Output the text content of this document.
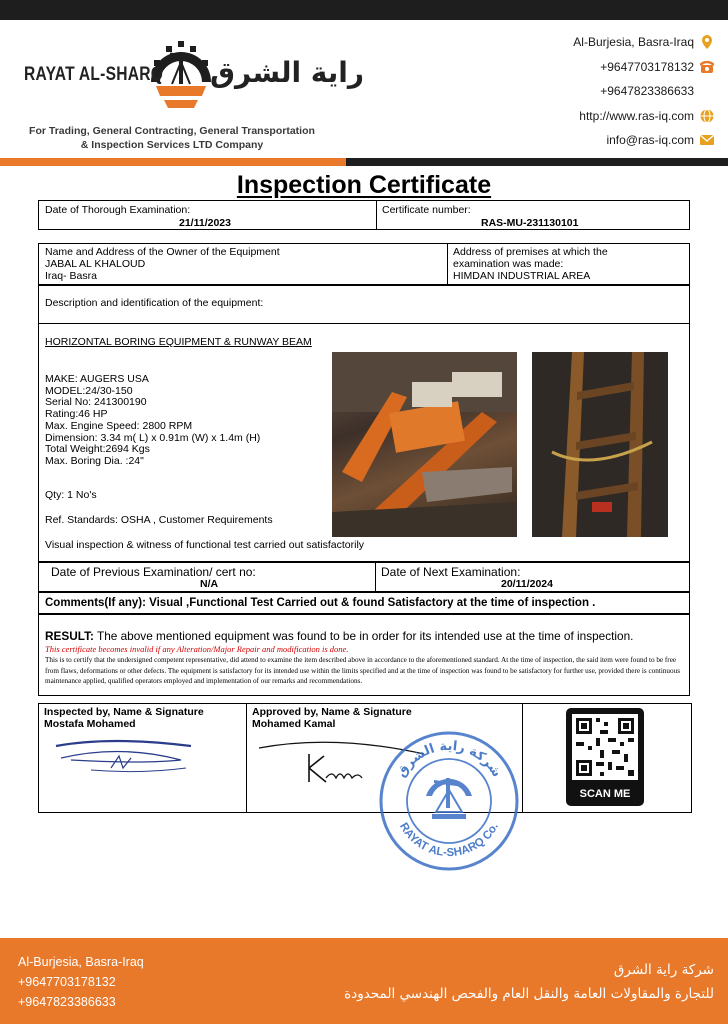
RAYAT AL-SHARQ راية الشرق
For Trading, General Contracting, General Transportation
& Inspection Services LTD Company
Al-Burjesia, Basra-Iraq
+9647703178132
+9647823386633
http://www.ras-iq.com
info@ras-iq.com
Inspection Certificate
Date of Thorough Examination:
21/11/2023
Certificate number:
RAS-MU-231130101
Name and Address of the Owner of the Equipment
JABAL AL KHALOUD
Iraq- Basra
Address of premises at which the
examination was made:
HIMDAN INDUSTRIAL AREA
Description and identification of the equipment:
HORIZONTAL BORING EQUIPMENT & RUNWAY BEAM
MAKE: AUGERS USA
MODEL:24/30-150
Serial No: 241300190
Rating:46 HP
Max. Engine Speed: 2800 RPM
Dimension: 3.34 m( L) x 0.91m (W) x 1.4m (H)
Total Weight:2694 Kgs
Max. Boring Dia. :24"
Qty: 1 No's
Ref. Standards: OSHA , Customer Requirements
Visual inspection & witness of functional test carried out satisfactorily
Date of Previous Examination/ cert no:
N/A
Date of Next Examination:
20/11/2024
Comments(If any): Visual ,Functional Test Carried out & found Satisfactory at the time of inspection .
RESULT: The above mentioned equipment was found to be in order for its intended use at the time of inspection.
This certificate becomes invalid if any Alteration/Major Repair and modification is done.
This is to certify that the undersigned competent representative, did attend to examine the item described above in accordance to the aforementioned standard. At the time of inspection, the said item were found to be free from flaws, deformations or other defects. The equipment is satisfactory for its intended use within the limits specified and at the time of inspection was found to be satisfactory for further use, provided there is continuous maintenance applied, qualified operators employed and implementation of our remarks and recommendations.
Inspected by, Name & Signature
Mostafa Mohamed
Approved by, Name & Signature
Mohamed Kamal
SCAN ME
شركة راية الشرق
RAYAT AL-SHARQ Co.
Al-Burjesia, Basra-Iraq
+9647703178132
+9647823386633
شركة راية الشرق
للتجارة والمقاولات العامة والنقل العام والفحص الهندسي المحدودة
